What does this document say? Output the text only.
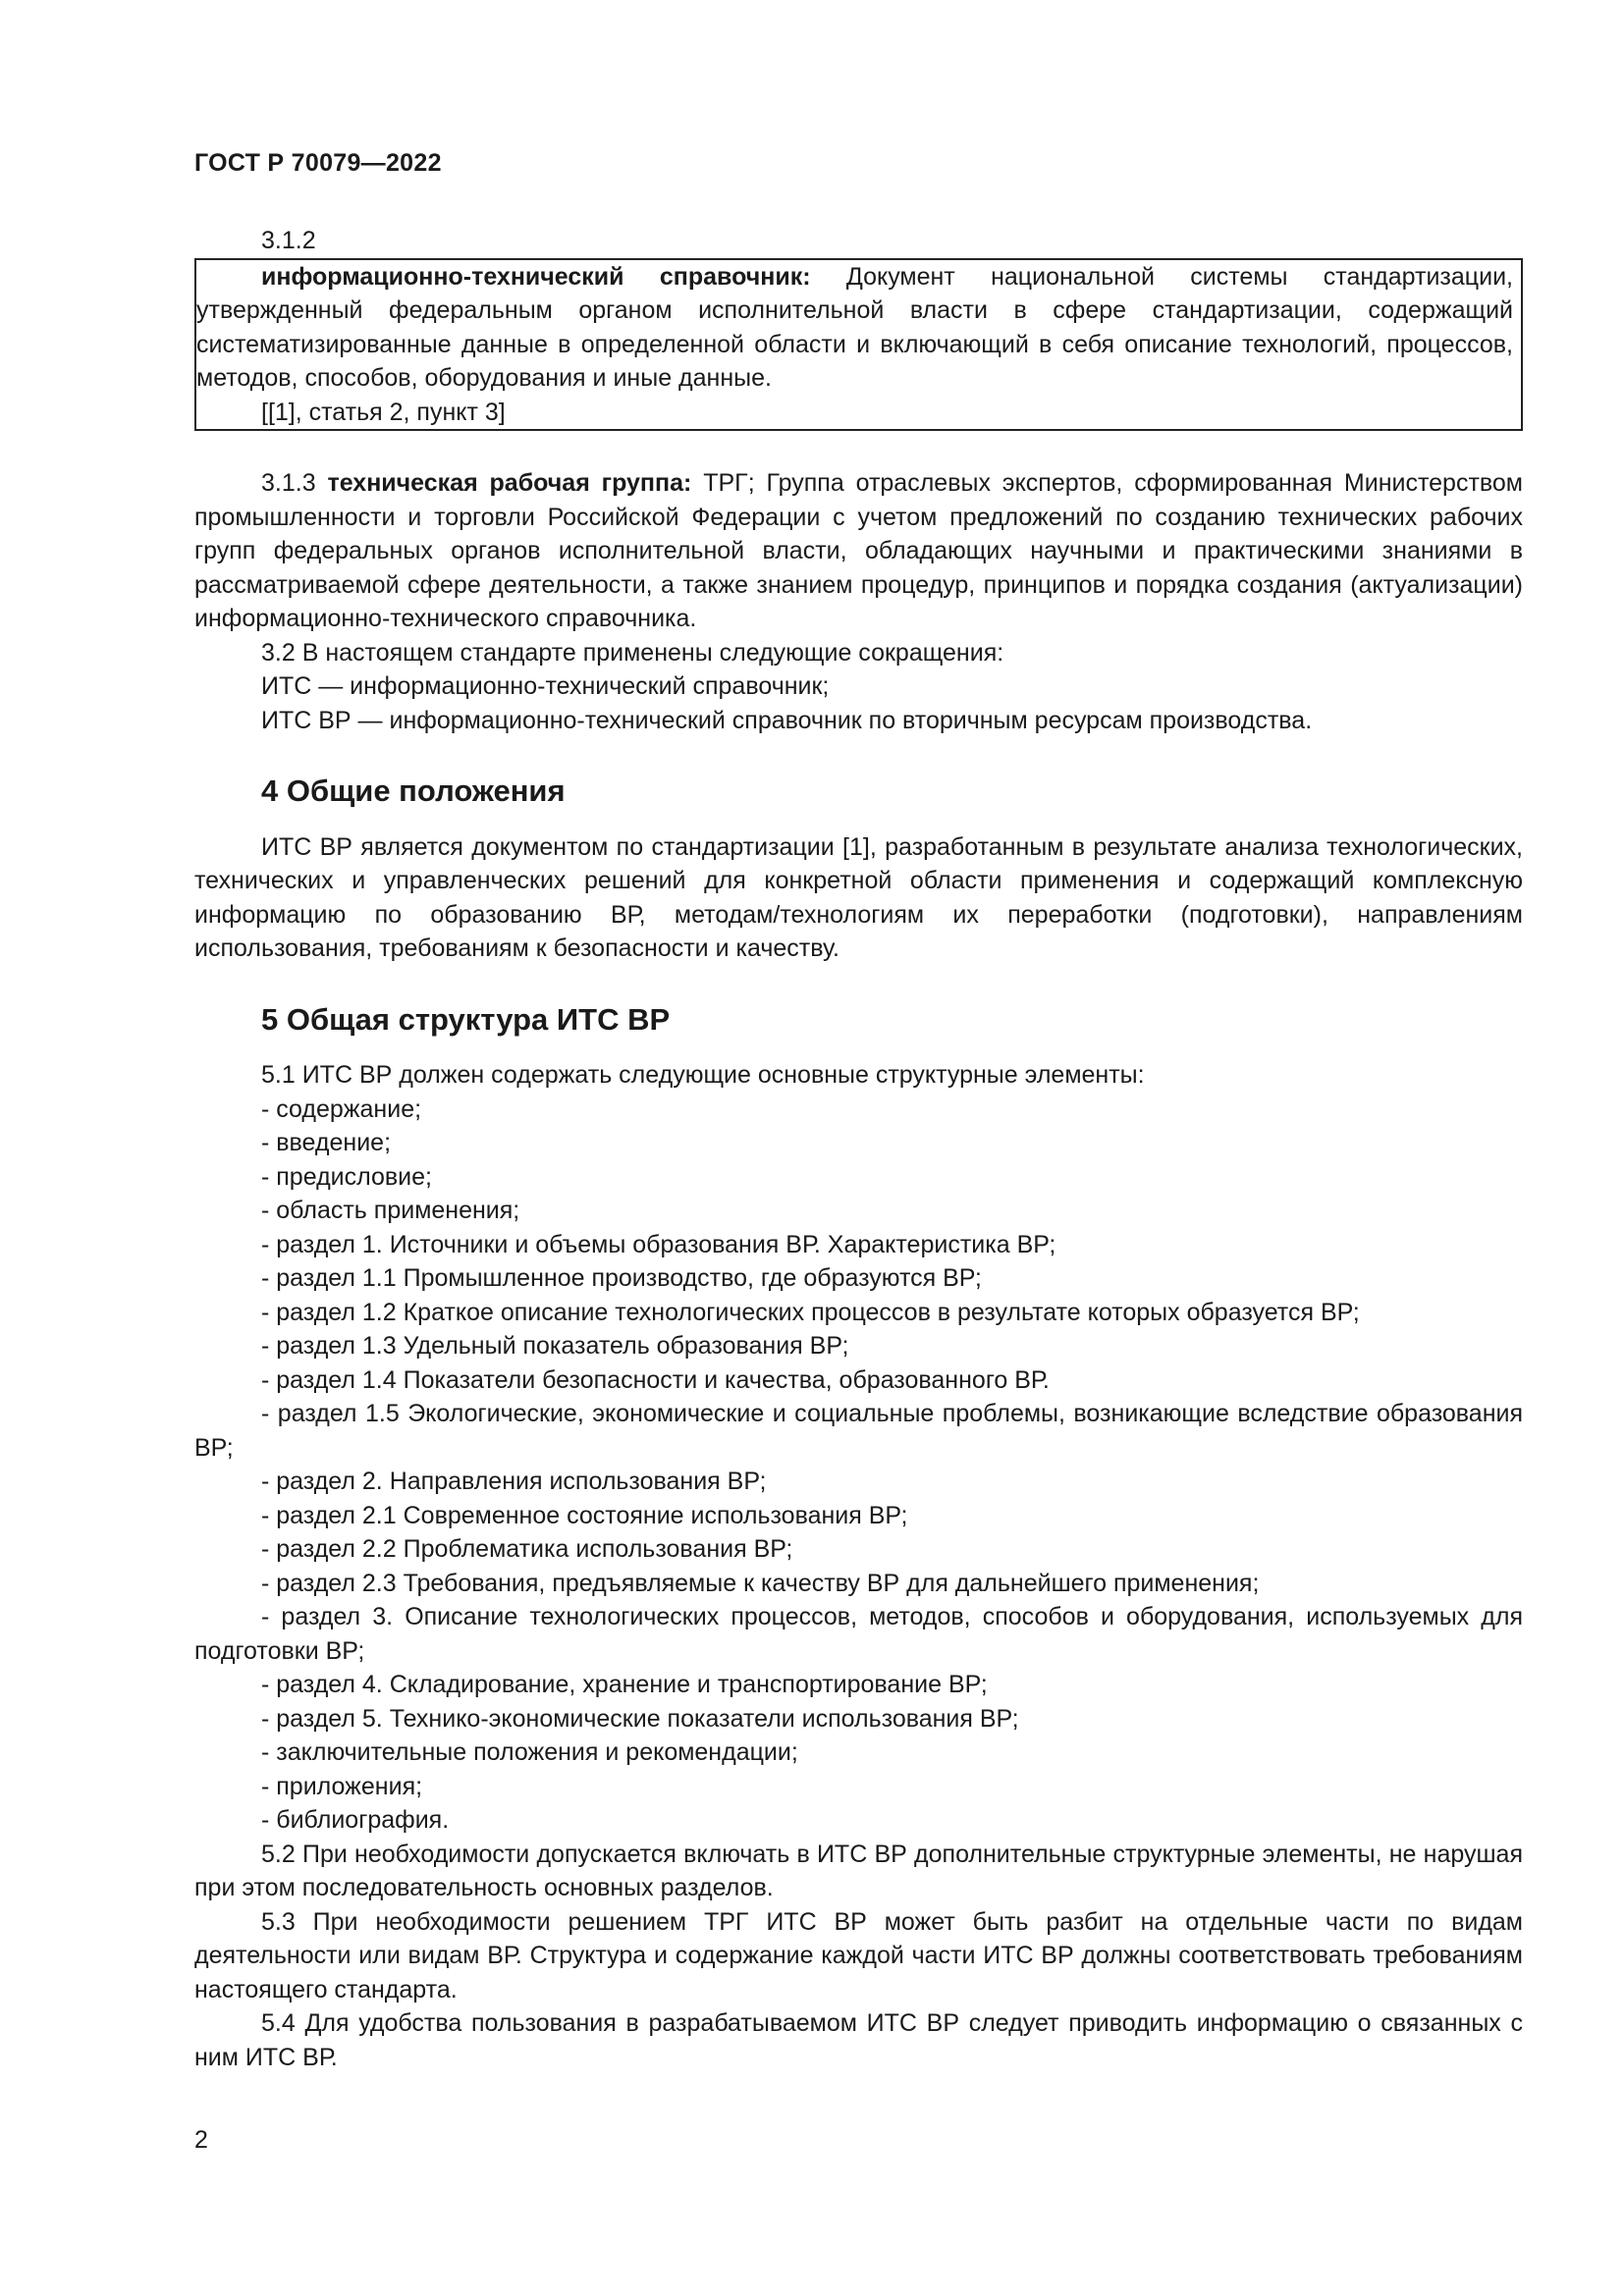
ГОСТ Р 70079—2022

3.1.2

информационно-технический справочник: Документ национальной системы стандартизации, утвержденный федеральным органом исполнительной власти в сфере стандартизации, содержащий систематизированные данные в определенной области и включающий в себя описание технологий, процессов, методов, способов, оборудования и иные данные.

[[1], статья 2, пункт 3]

3.1.3 техническая рабочая группа: ТРГ; Группа отраслевых экспертов, сформированная Министерством промышленности и торговли Российской Федерации с учетом предложений по созданию технических рабочих групп федеральных органов исполнительной власти, обладающих научными и практическими знаниями в рассматриваемой сфере деятельности, а также знанием процедур, принципов и порядка создания (актуализации) информационно-технического справочника.

3.2 В настоящем стандарте применены следующие сокращения:

ИТС — информационно-технический справочник;

ИТС ВР — информационно-технический справочник по вторичным ресурсам производства.

4 Общие положения

ИТС ВР является документом по стандартизации [1], разработанным в результате анализа технологических, технических и управленческих решений для конкретной области применения и содержащий комплексную информацию по образованию ВР, методам/технологиям их переработки (подготовки), направлениям использования, требованиям к безопасности и качеству.

5 Общая структура ИТС ВР

5.1 ИТС ВР должен содержать следующие основные структурные элементы:

- содержание;

- введение;

- предисловие;

- область применения;

- раздел 1. Источники и объемы образования ВР. Характеристика ВР;

- раздел 1.1 Промышленное производство, где образуются ВР;

- раздел 1.2 Краткое описание технологических процессов в результате которых образуется ВР;

- раздел 1.3 Удельный показатель образования ВР;

- раздел 1.4 Показатели безопасности и качества, образованного ВР.

- раздел 1.5 Экологические, экономические и социальные проблемы, возникающие вследствие образования ВР;

- раздел 2. Направления использования ВР;

- раздел 2.1 Современное состояние использования ВР;

- раздел 2.2 Проблематика использования ВР;

- раздел 2.3 Требования, предъявляемые к качеству ВР для дальнейшего применения;

- раздел 3. Описание технологических процессов, методов, способов и оборудования, используемых для подготовки ВР;

- раздел 4. Складирование, хранение и транспортирование ВР;

- раздел 5. Технико-экономические показатели использования ВР;

- заключительные положения и рекомендации;

- приложения;

- библиография.

5.2 При необходимости допускается включать в ИТС ВР дополнительные структурные элементы, не нарушая при этом последовательность основных разделов.

5.3 При необходимости решением ТРГ ИТС ВР может быть разбит на отдельные части по видам деятельности или видам ВР. Структура и содержание каждой части ИТС ВР должны соответствовать требованиям настоящего стандарта.

5.4 Для удобства пользования в разрабатываемом ИТС ВР следует приводить информацию о связанных с ним ИТС ВР.

2
